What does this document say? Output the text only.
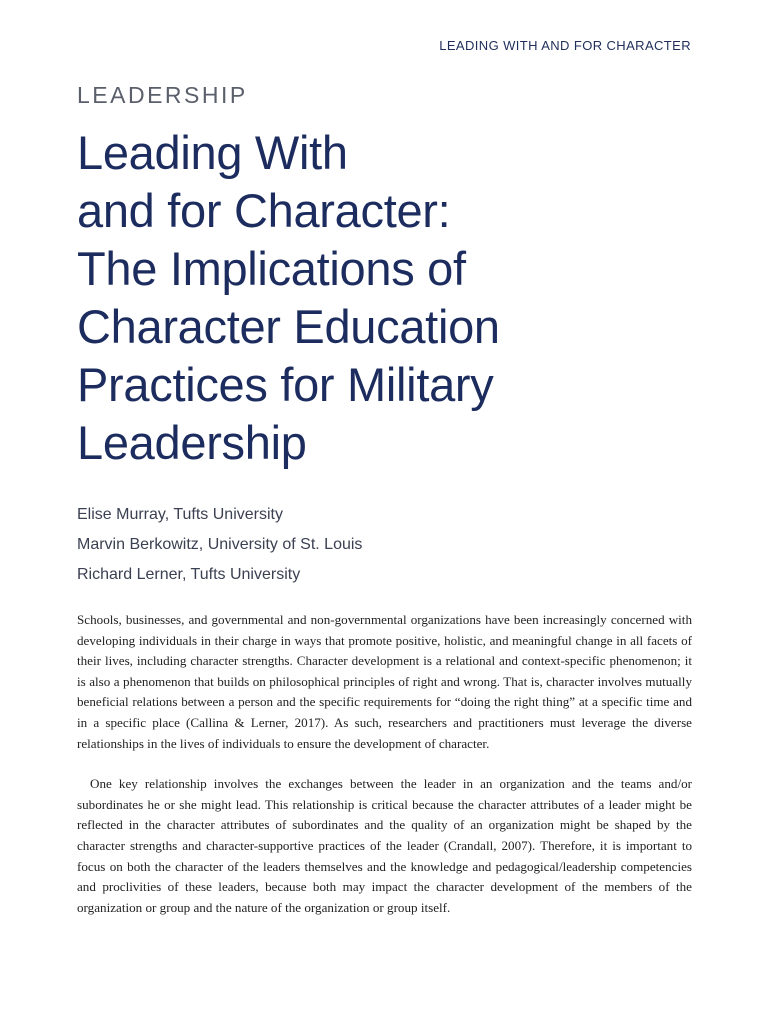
LEADING WITH AND FOR CHARACTER
LEADERSHIP
Leading With
and for Character:
The Implications of
Character Education
Practices for Military
Leadership
Elise Murray, Tufts University
Marvin Berkowitz, University of St. Louis
Richard Lerner, Tufts University

Schools, businesses, and governmental and non-governmental organizations have been increasingly concerned with developing individuals in their charge in ways that promote positive, holistic, and meaningful change in all facets of their lives, including character strengths. Character development is a relational and context-specific phenomenon; it is also a phenomenon that builds on philosophical principles of right and wrong. That is, character involves mutually beneficial relations between a person and the specific requirements for “doing the right thing” at a specific time and in a specific place (Callina & Lerner, 2017). As such, researchers and practitioners must leverage the diverse relationships in the lives of individuals to ensure the development of character.

One key relationship involves the exchanges between the leader in an organization and the teams and/or subordinates he or she might lead. This relationship is critical because the character attributes of a leader might be reflected in the character attributes of subordinates and the quality of an organization might be shaped by the character strengths and character-supportive practices of the leader (Crandall, 2007). Therefore, it is important to focus on both the character of the leaders themselves and the knowledge and pedagogical/leadership competencies and proclivities of these leaders, because both may impact the character development of the members of the organization or group and the nature of the organization or group itself.
